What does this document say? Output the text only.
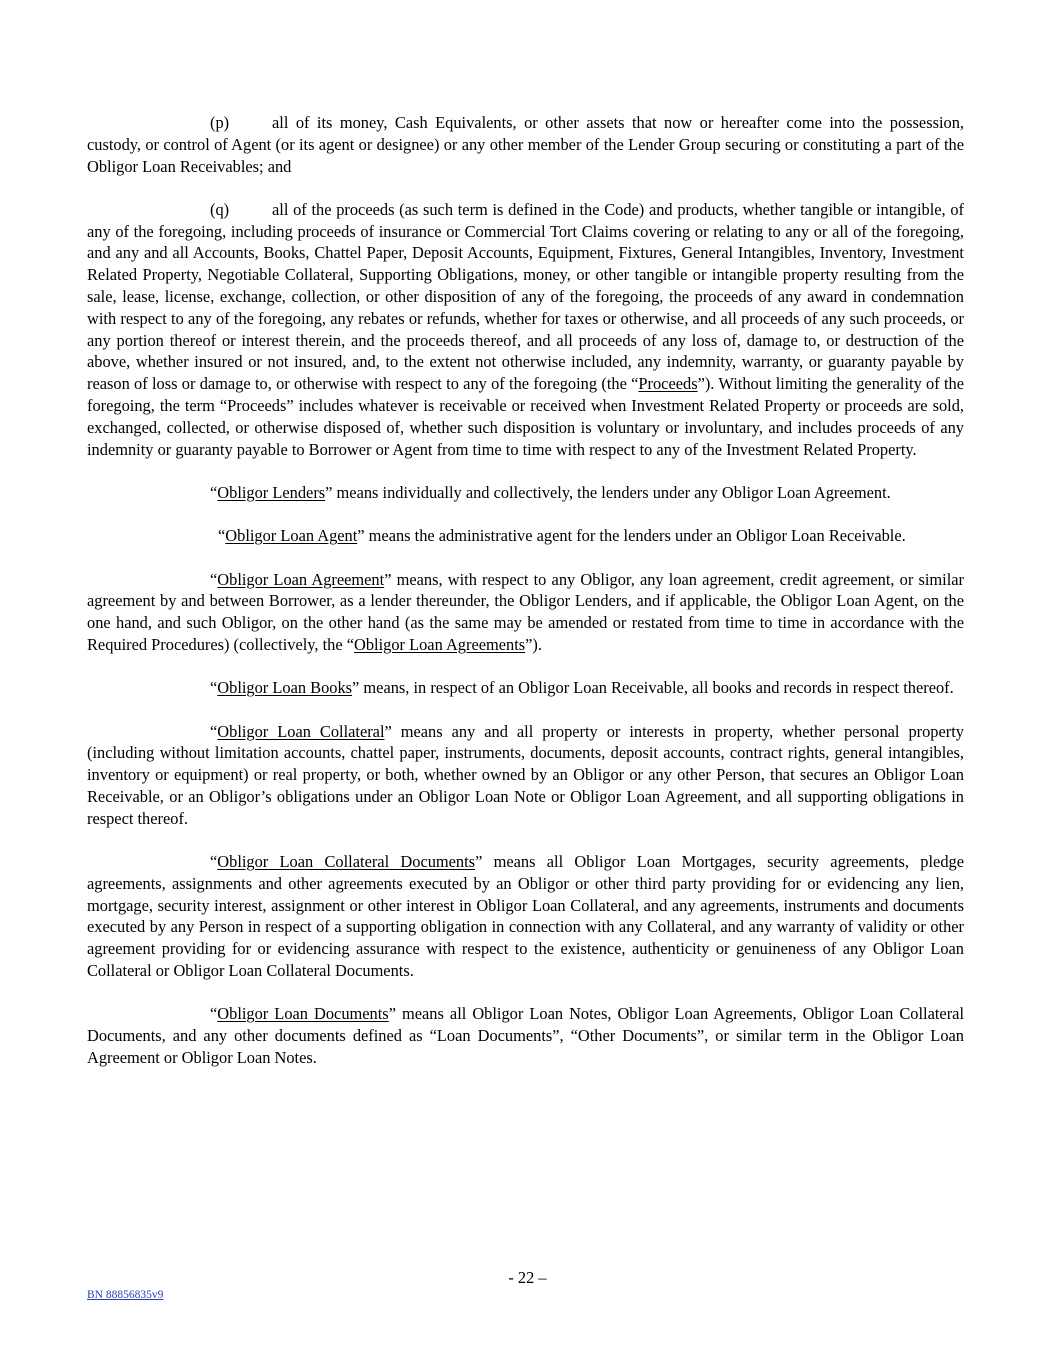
(p)	all of its money, Cash Equivalents, or other assets that now or hereafter come into the possession, custody, or control of Agent (or its agent or designee) or any other member of the Lender Group securing or constituting a part of the Obligor Loan Receivables; and

(q)	all of the proceeds (as such term is defined in the Code) and products, whether tangible or intangible, of any of the foregoing, including proceeds of insurance or Commercial Tort Claims covering or relating to any or all of the foregoing, and any and all Accounts, Books, Chattel Paper, Deposit Accounts, Equipment, Fixtures, General Intangibles, Inventory, Investment Related Property, Negotiable Collateral, Supporting Obligations, money, or other tangible or intangible property resulting from the sale, lease, license, exchange, collection, or other disposition of any of the foregoing, the proceeds of any award in condemnation with respect to any of the foregoing, any rebates or refunds, whether for taxes or otherwise, and all proceeds of any such proceeds, or any portion thereof or interest therein, and the proceeds thereof, and all proceeds of any loss of, damage to, or destruction of the above, whether insured or not insured, and, to the extent not otherwise included, any indemnity, warranty, or guaranty payable by reason of loss or damage to, or otherwise with respect to any of the foregoing (the “Proceeds”). Without limiting the generality of the foregoing, the term “Proceeds” includes whatever is receivable or received when Investment Related Property or proceeds are sold, exchanged, collected, or otherwise disposed of, whether such disposition is voluntary or involuntary, and includes proceeds of any indemnity or guaranty payable to Borrower or Agent from time to time with respect to any of the Investment Related Property.

“Obligor Lenders” means individually and collectively, the lenders under any Obligor Loan Agreement.

“Obligor Loan Agent” means the administrative agent for the lenders under an Obligor Loan Receivable.

“Obligor Loan Agreement” means, with respect to any Obligor, any loan agreement, credit agreement, or similar agreement by and between Borrower, as a lender thereunder, the Obligor Lenders, and if applicable, the Obligor Loan Agent, on the one hand, and such Obligor, on the other hand (as the same may be amended or restated from time to time in accordance with the Required Procedures) (collectively, the “Obligor Loan Agreements”).

“Obligor Loan Books” means, in respect of an Obligor Loan Receivable, all books and records in respect thereof.

“Obligor Loan Collateral” means any and all property or interests in property, whether personal property (including without limitation accounts, chattel paper, instruments, documents, deposit accounts, contract rights, general intangibles, inventory or equipment) or real property, or both, whether owned by an Obligor or any other Person, that secures an Obligor Loan Receivable, or an Obligor’s obligations under an Obligor Loan Note or Obligor Loan Agreement, and all supporting obligations in respect thereof.

“Obligor Loan Collateral Documents” means all Obligor Loan Mortgages, security agreements, pledge agreements, assignments and other agreements executed by an Obligor or other third party providing for or evidencing any lien, mortgage, security interest, assignment or other interest in Obligor Loan Collateral, and any agreements, instruments and documents executed by any Person in respect of a supporting obligation in connection with any Collateral, and any warranty of validity or other agreement providing for or evidencing assurance with respect to the existence, authenticity or genuineness of any Obligor Loan Collateral or Obligor Loan Collateral Documents.

“Obligor Loan Documents” means all Obligor Loan Notes, Obligor Loan Agreements, Obligor Loan Collateral Documents, and any other documents defined as “Loan Documents”, “Other Documents”, or similar term in the Obligor Loan Agreement or Obligor Loan Notes.

- 22 –
BN 88856835v9
